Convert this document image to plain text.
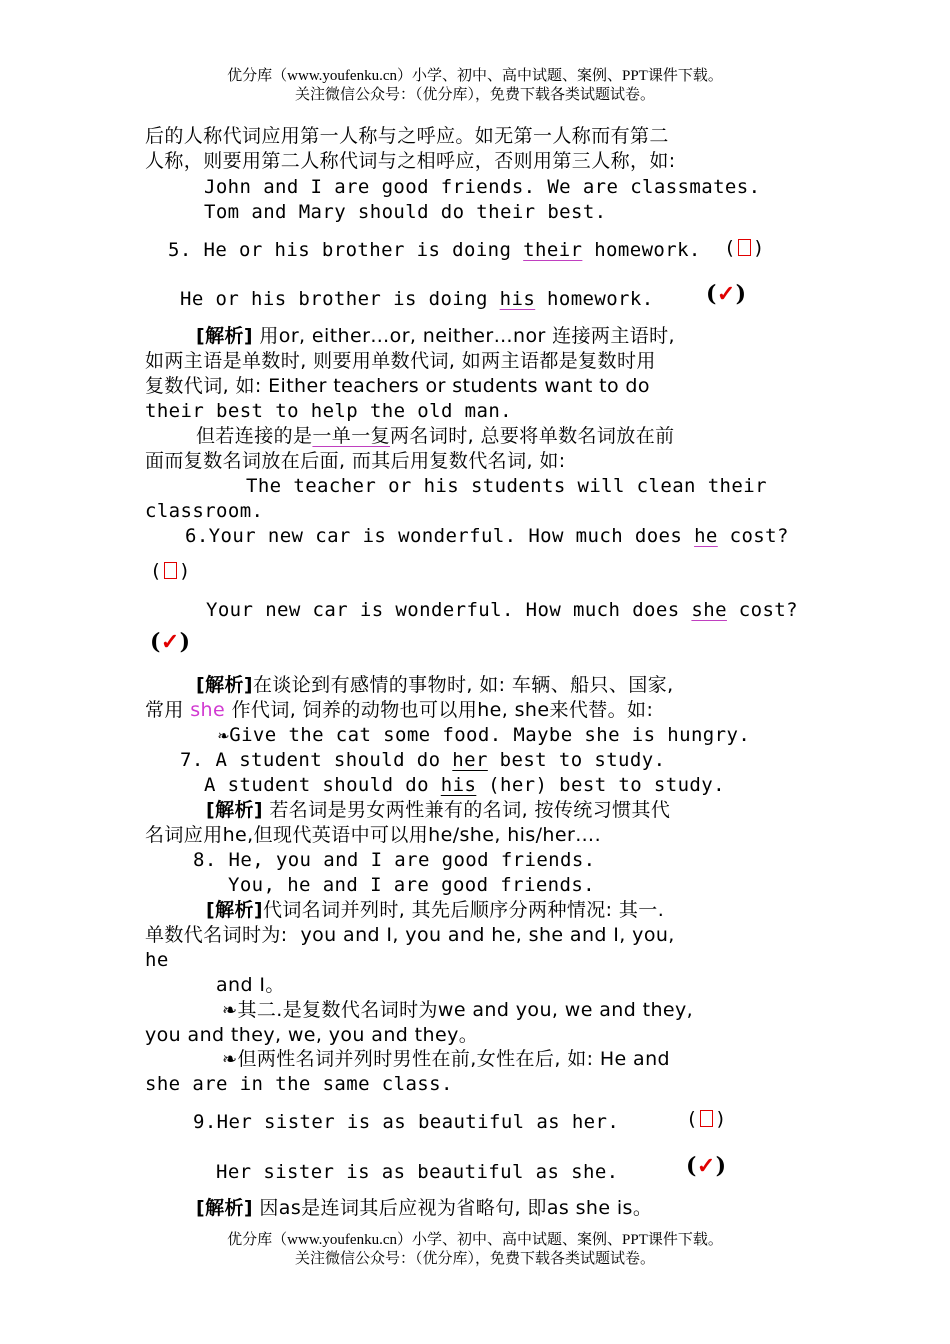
优分库（www.youfenku.cn）小学、初中、高中试题、案例、PPT课件下载。
关注微信公众号：（优分库），免费下载各类试题试卷。
后的人称代词应用第一人称与之呼应。如无第一人称而有第二
人称，则要用第二人称代词与之相呼应，否则用第三人称，如:
John and I are good friends. We are classmates.
Tom and Mary should do their best.
5. He or his brother is doing their homework. ( )
He or his brother is doing his homework. (✓)
[解析] 用or, either…or, neither…nor 连接两主语时,
如两主语是单数时, 则要用单数代词, 如两主语都是复数时用
复数代词, 如: Either teachers or students want to do
their best to help the old man.
但若连接的是一单一复两名词时, 总要将单数名词放在前
面而复数名词放在后面, 而其后用复数代名词, 如:
The teacher or his students will clean their
classroom.
6.Your new car is wonderful. How much does he cost?
( )
Your new car is wonderful. How much does she cost?
(✓)
[解析]在谈论到有感情的事物时, 如: 车辆、船只、国家,
常用 she 作代词, 饲养的动物也可以用he, she来代替。如:
❧Give the cat some food. Maybe she is hungry.
7. A student should do her best to study.
A student should do his (her) best to study.
[解析] 若名词是男女两性兼有的名词, 按传统习惯其代
名词应用he,但现代英语中可以用he/she, his/her….
8. He, you and I are good friends.
You, he and I are good friends.
[解析]代词名词并列时, 其先后顺序分两种情况: 其一.
单数代名词时为:  you and I, you and he, she and I, you,
he
and I。
❧其二.是复数代名词时为we and you, we and they,
you and they, we, you and they。
❧但两性名词并列时男性在前,女性在后, 如: He and
she are in the same class.
9.Her sister is as beautiful as her.	( )
Her sister is as beautiful as she.	(✓)
[解析] 因as是连词其后应视为省略句, 即as she is。
优分库（www.youfenku.cn）小学、初中、高中试题、案例、PPT课件下载。
关注微信公众号：（优分库），免费下载各类试题试卷。
